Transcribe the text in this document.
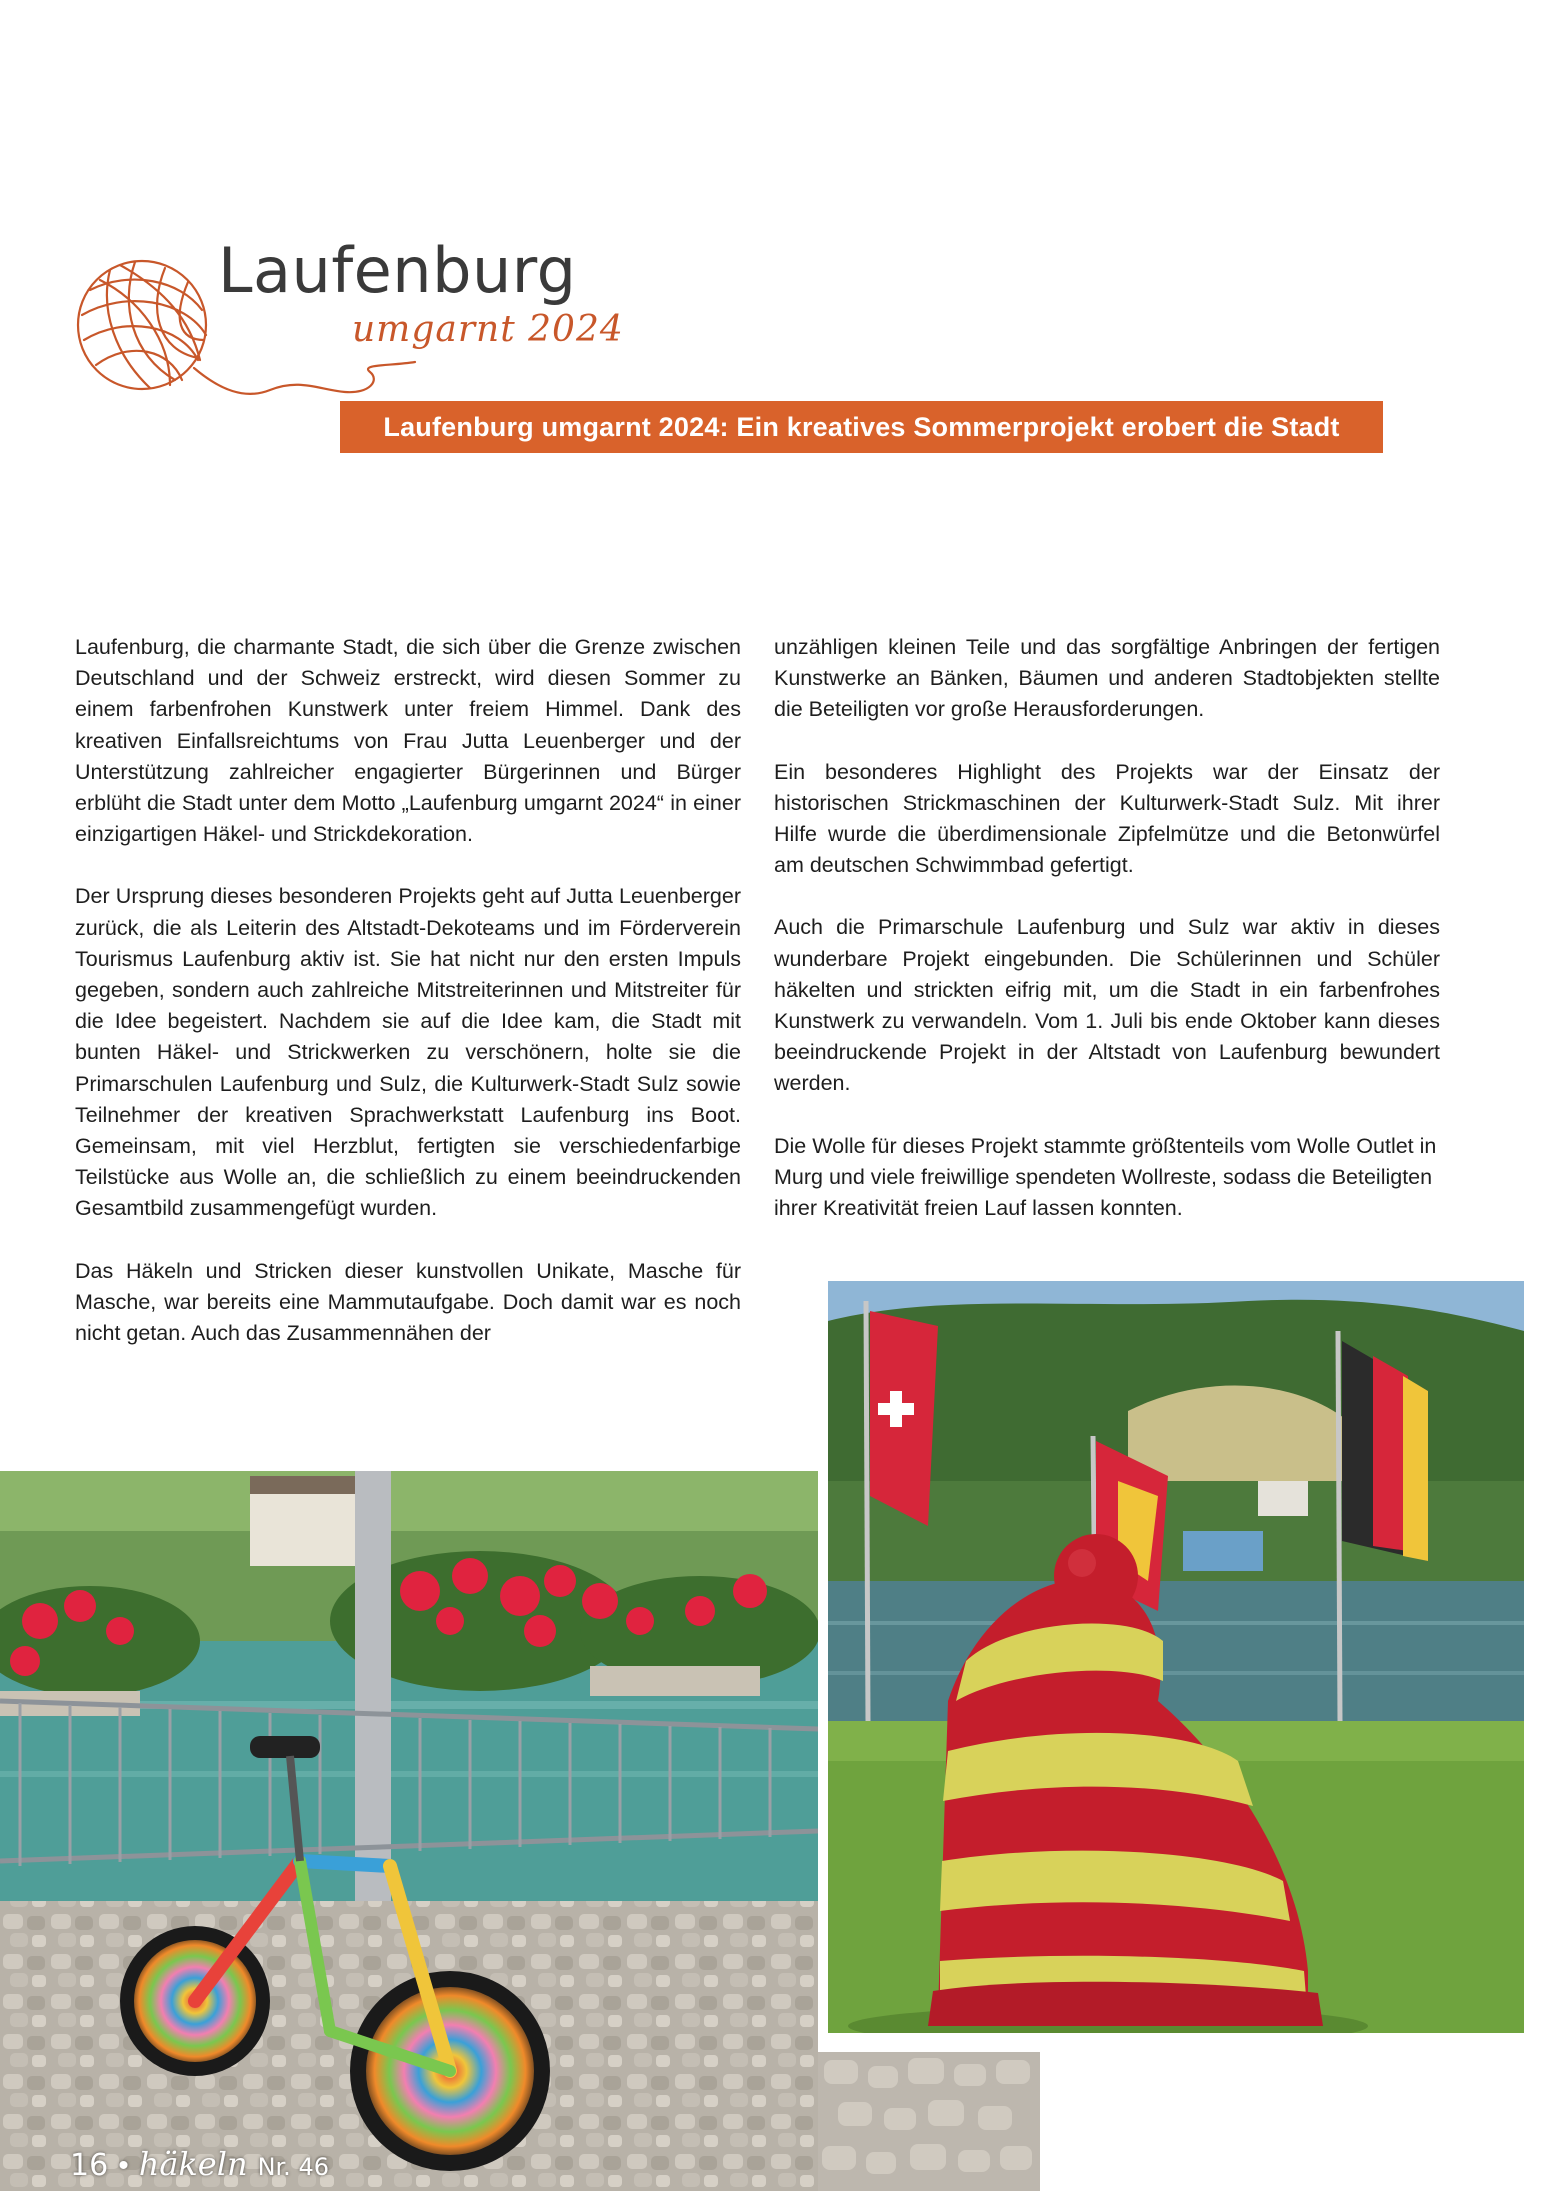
Laufenburg
umgarnt 2024
Laufenburg umgarnt 2024: Ein kreatives Sommerprojekt erobert die Stadt

Laufenburg, die charmante Stadt, die sich über die Grenze zwischen Deutschland und der Schweiz erstreckt, wird diesen Sommer zu einem farbenfrohen Kunstwerk unter freiem Himmel. Dank des kreativen Einfallsreichtums von Frau Jutta Leuenberger und der Unterstützung zahlreicher engagierter Bürgerinnen und Bürger erblüht die Stadt unter dem Motto „Laufenburg umgarnt 2024“ in einer einzigartigen Häkel- und Strickdekoration.

Der Ursprung dieses besonderen Projekts geht auf Jutta Leuenberger zurück, die als Leiterin des Altstadt-Dekoteams und im Förderverein Tourismus Laufenburg aktiv ist. Sie hat nicht nur den ersten Impuls gegeben, sondern auch zahlreiche Mitstreiterinnen und Mitstreiter für die Idee begeistert. Nachdem sie auf die Idee kam, die Stadt mit bunten Häkel- und Strickwerken zu verschönern, holte sie die Primarschulen Laufenburg und Sulz, die Kulturwerk-Stadt Sulz sowie Teilnehmer der kreativen Sprachwerkstatt Laufenburg ins Boot. Gemeinsam, mit viel Herzblut, fertigten sie verschiedenfarbige Teilstücke aus Wolle an, die schließlich zu einem beeindruckenden Gesamtbild zusammengefügt wurden.

Das Häkeln und Stricken dieser kunstvollen Unikate, Masche für Masche, war bereits eine Mammutaufgabe. Doch damit war es noch nicht getan. Auch das Zusammennähen der

unzähligen kleinen Teile und das sorgfältige Anbringen der fertigen Kunstwerke an Bänken, Bäumen und anderen Stadtobjekten stellte die Beteiligten vor große Herausforderungen.

Ein besonderes Highlight des Projekts war der Einsatz der historischen Strickmaschinen der Kulturwerk-Stadt Sulz. Mit ihrer Hilfe wurde die überdimensionale Zipfelmütze und die Betonwürfel am deutschen Schwimmbad gefertigt.

Auch die Primarschule Laufenburg und Sulz war aktiv in dieses wunderbare Projekt eingebunden. Die Schülerinnen und Schüler häkelten und strickten eifrig mit, um die Stadt in ein farbenfrohes Kunstwerk zu verwandeln. Vom 1. Juli bis ende Oktober kann dieses beeindruckende Projekt in der Altstadt von Laufenburg bewundert werden.

Die Wolle für dieses Projekt stammte größtenteils vom Wolle Outlet in Murg und viele freiwillige spendeten Wollreste, sodass die Beteiligten ihrer Kreativität freien Lauf lassen konnten.

16 • häkeln Nr. 46
